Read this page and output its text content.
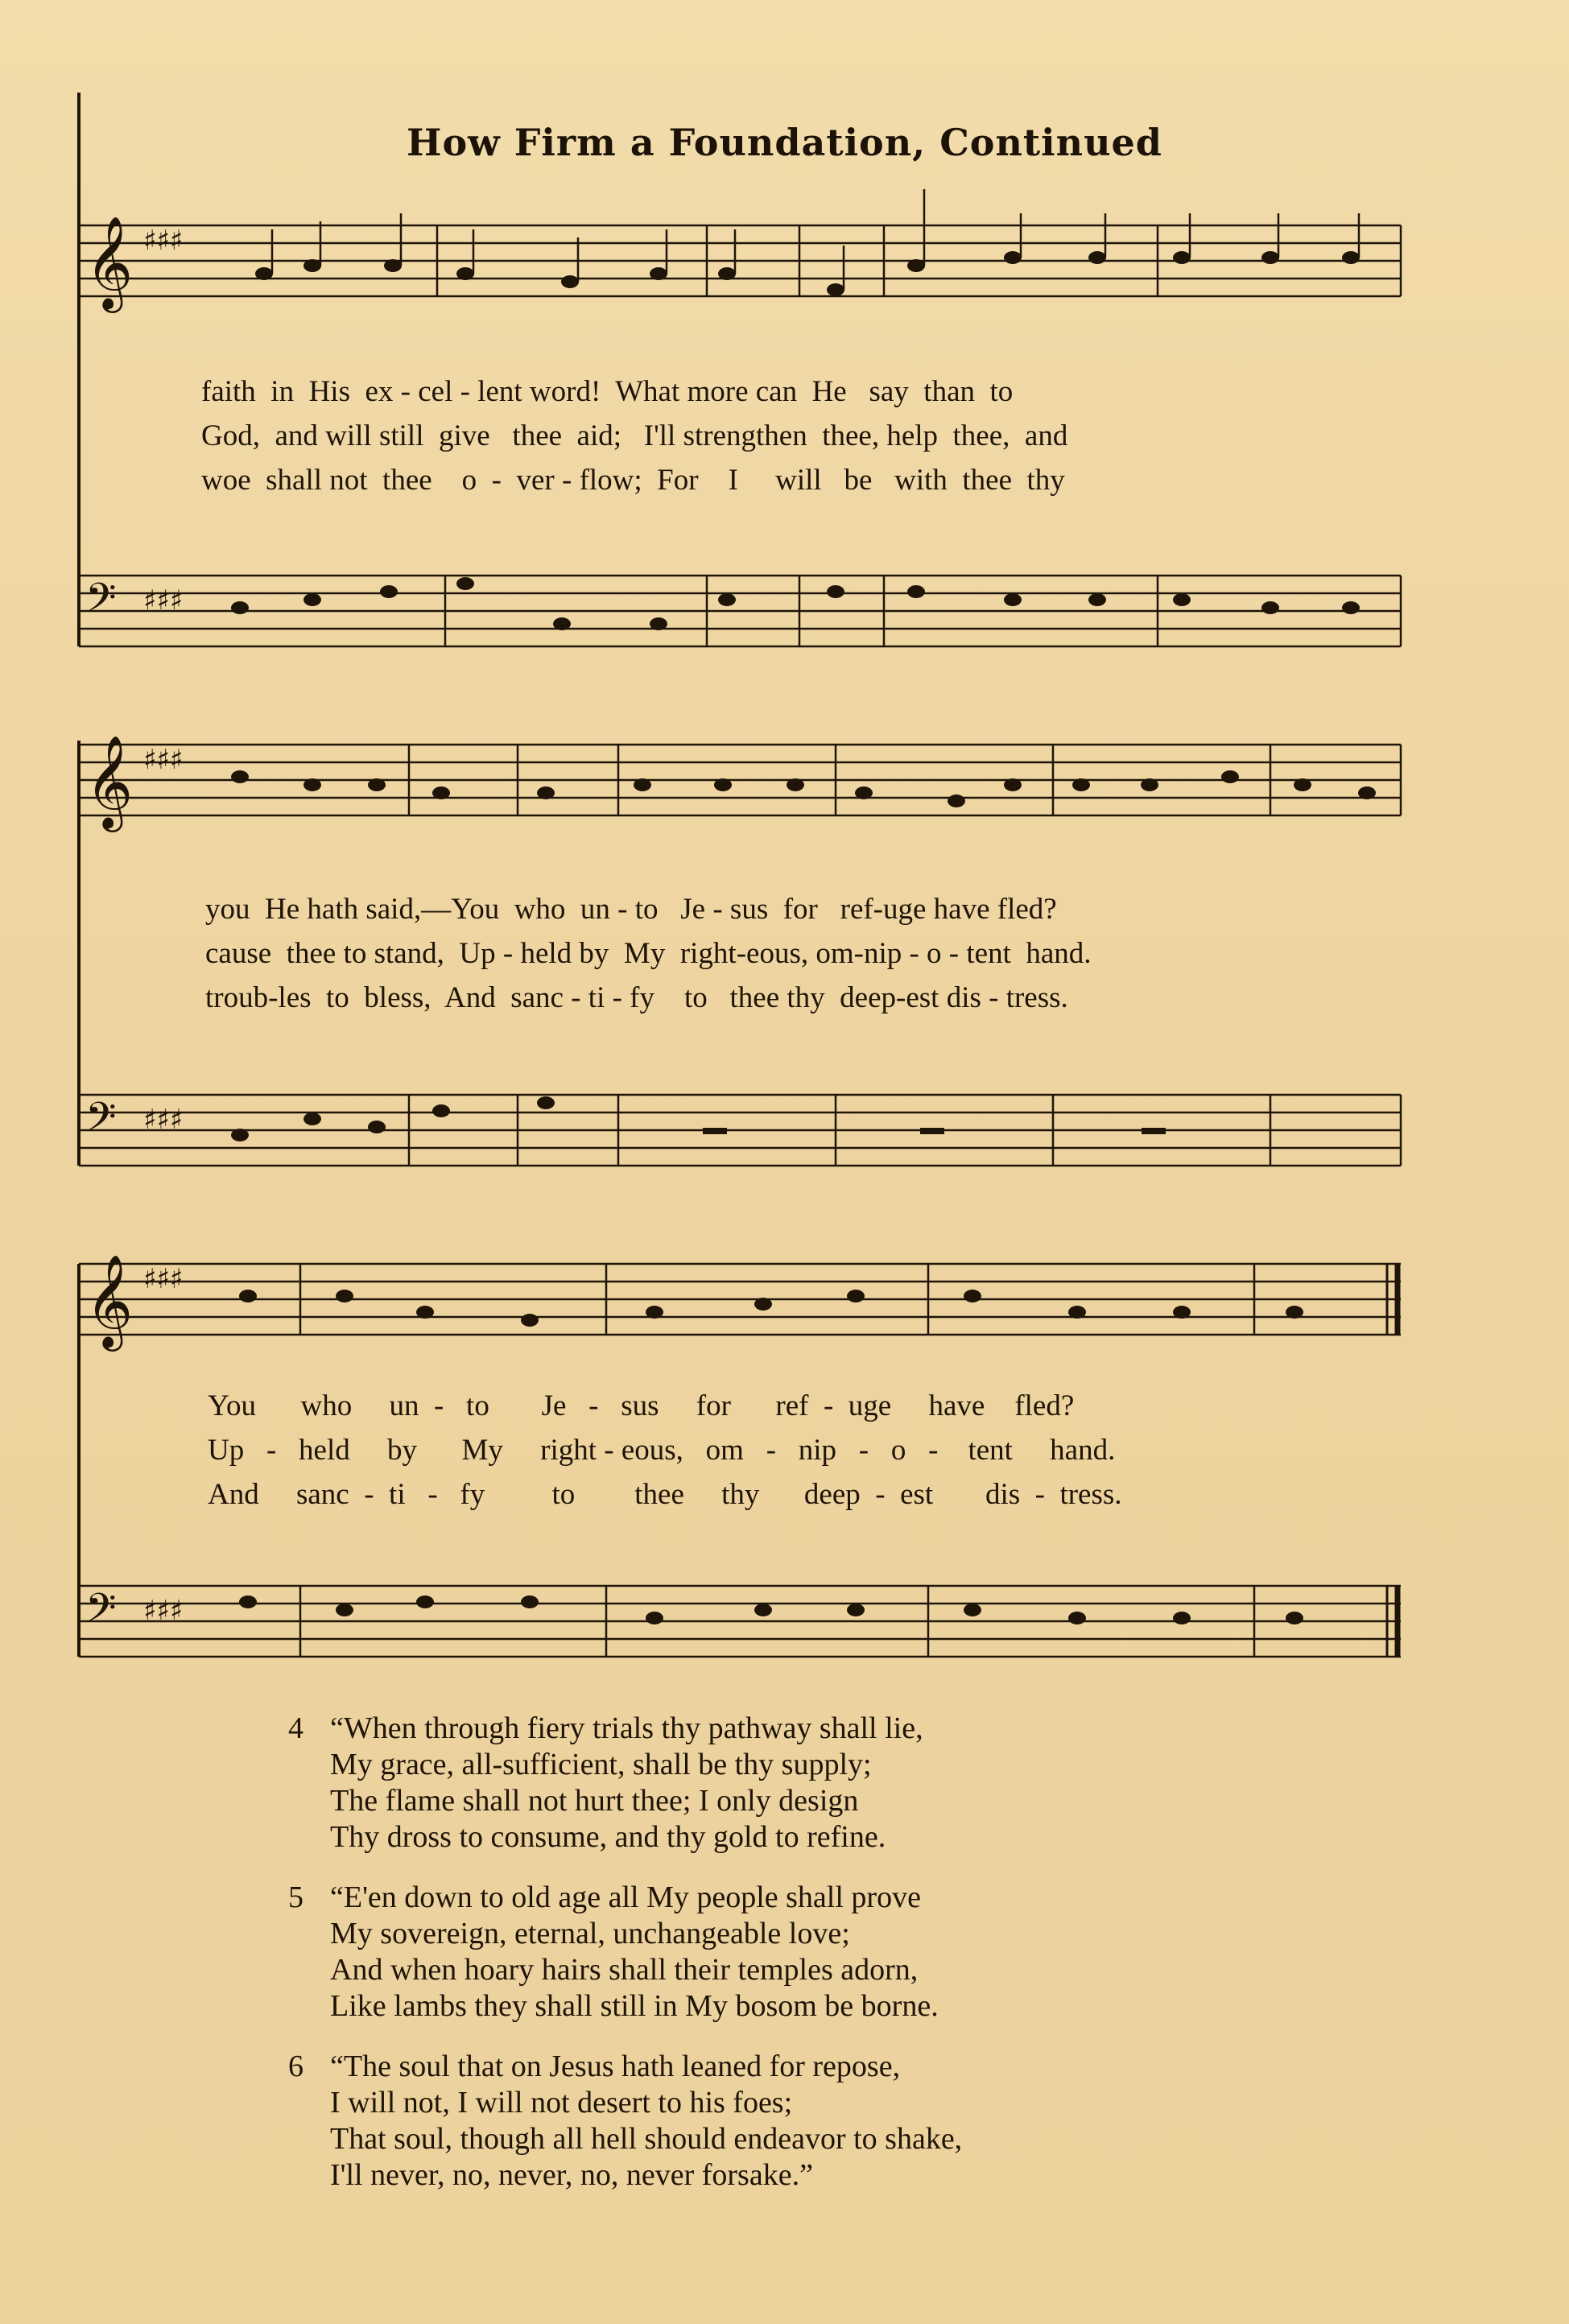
How Firm a Foundation, Continued
𝄞 ♯♯♯
faith  in  His  ex - cel - lent word!  What more can  He   say  than  to
God,  and will still  give   thee  aid;   I'll strengthen  thee, help  thee,  and
woe  shall not  thee    o  -  ver - flow;  For    I     will   be   with  thee  thy
𝄢 ♯♯♯
𝄞 ♯♯♯
you  He hath said,—You  who  un - to   Je - sus  for   ref-uge have fled?
cause  thee to stand,  Up - held by  My  right-eous, om-nip - o - tent  hand.
troub-les  to  bless,  And  sanc - ti - fy    to   thee thy  deep-est dis - tress.
𝄢 ♯♯♯
𝄞 ♯♯♯
You      who     un  -   to       Je   -   sus     for      ref  -  uge     have    fled?
Up   -   held     by      My     right - eous,   om   -   nip   -   o   -    tent     hand.
And     sanc  -  ti   -   fy         to        thee     thy      deep  -  est       dis  -  tress.
𝄢 ♯♯♯
4 “When through fiery trials thy pathway shall lie,
My grace, all-sufficient, shall be thy supply;
The flame shall not hurt thee; I only design
Thy dross to consume, and thy gold to refine.
5 “E'en down to old age all My people shall prove
My sovereign, eternal, unchangeable love;
And when hoary hairs shall their temples adorn,
Like lambs they shall still in My bosom be borne.
6 “The soul that on Jesus hath leaned for repose,
I will not, I will not desert to his foes;
That soul, though all hell should endeavor to shake,
I'll never, no, never, no, never forsake.”
